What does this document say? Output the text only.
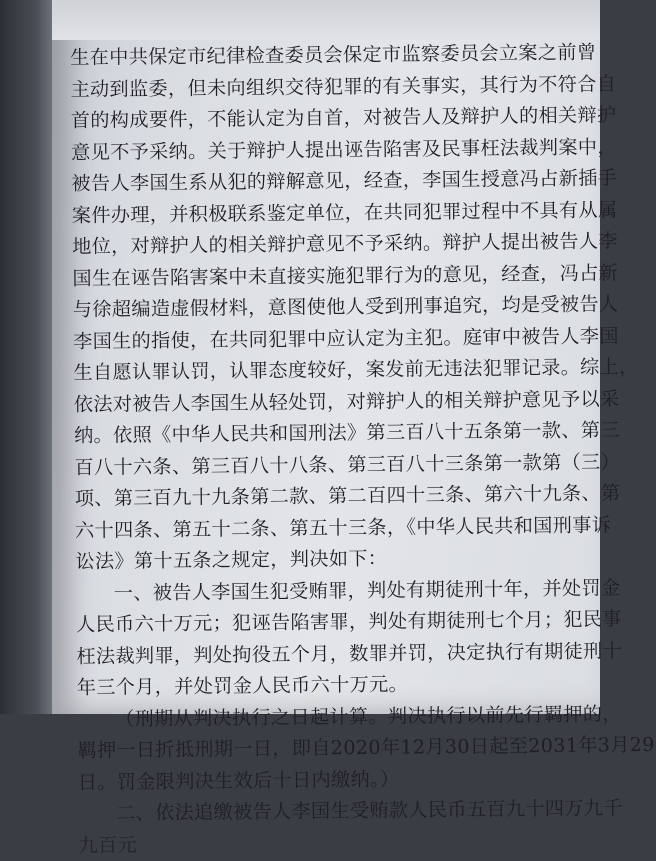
生在中共保定市纪律检查委员会保定市监察委员会立案之前曾
主动到监委，但未向组织交待犯罪的有关事实，其行为不符合自
首的构成要件，不能认定为自首，对被告人及辩护人的相关辩护
意见不予采纳。关于辩护人提出诬告陷害及民事枉法裁判案中，
被告人李国生系从犯的辩解意见，经查，李国生授意冯占新插手
案件办理，并积极联系鉴定单位，在共同犯罪过程中不具有从属
地位，对辩护人的相关辩护意见不予采纳。辩护人提出被告人李
国生在诬告陷害案中未直接实施犯罪行为的意见，经查，冯占新
与徐超编造虚假材料，意图使他人受到刑事追究，均是受被告人
李国生的指使，在共同犯罪中应认定为主犯。庭审中被告人李国
生自愿认罪认罚，认罪态度较好，案发前无违法犯罪记录。综上，
依法对被告人李国生从轻处罚，对辩护人的相关辩护意见予以采
纳。依照《中华人民共和国刑法》第三百八十五条第一款、第三
百八十六条、第三百八十八条、第三百八十三条第一款第（三）
项、第三百九十九条第二款、第二百四十三条、第六十九条、第
六十四条、第五十二条、第五十三条，《中华人民共和国刑事诉
讼法》第十五条之规定，判决如下：
一、被告人李国生犯受贿罪，判处有期徒刑十年，并处罚金
人民币六十万元；犯诬告陷害罪，判处有期徒刑七个月；犯民事
枉法裁判罪，判处拘役五个月，数罪并罚，决定执行有期徒刑十
年三个月，并处罚金人民币六十万元。
（刑期从判决执行之日起计算。判决执行以前先行羁押的，
羁押一日折抵刑期一日，即自2020年12月30日起至2031年3月29
日。罚金限判决生效后十日内缴纳。）
二、依法追缴被告人李国生受贿款人民币五百九十四万九千
九百元
